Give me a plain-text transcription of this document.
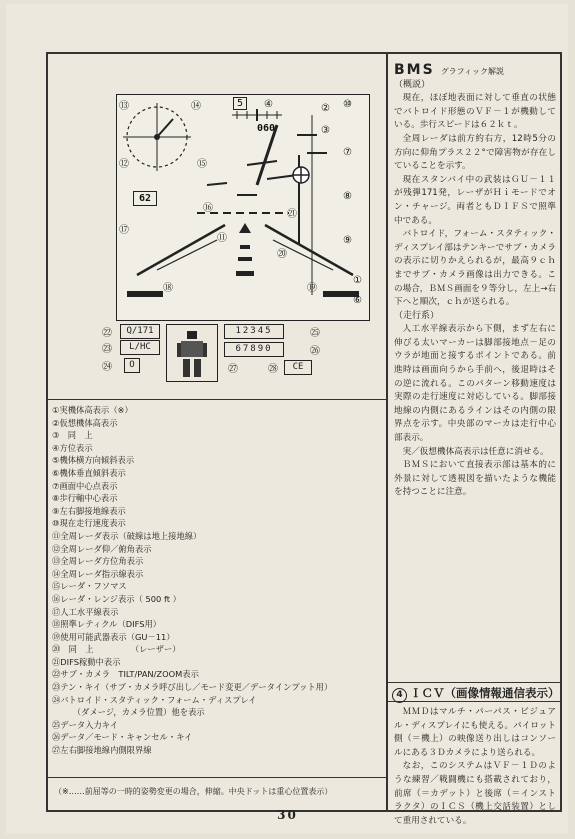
5	④
060
62
⑬
⑫
⑭
⑮
⑯
⑰
⑪
⑩
⑦
⑧
⑨
②
③
⑱	⑲
⑳
㉑
①
⑥
Q/171
L/HC
O
12345
67890
CE
㉒
㉓
㉔
㉕
㉖
㉗	㉘
①実機体高表示（※）
②仮想機体高表示
③　同　上
④方位表示
⑤機体横方向傾斜表示
⑥機体垂直傾斜表示
⑦画面中心点表示
⑧歩行軸中心表示
⑨左右脚接地線表示
⑩現在走行速度表示
⑪全周レーダ表示（破線は地上接地線）
⑫全周レーダ仰／俯角表示
⑬全周レーダ方位角表示
⑭全周レーダ指示線表示
⑮レーダ・フソマス
⑯レーダ・レンジ表示（ 500 ft ）
⑰人工水平線表示
⑱照準レティクル（DIFS用）
⑲使用可能武器表示（GU－11）
⑳　同　上　　　　　（レーザー）
㉑DIFS稼動中表示
㉒サブ・カメラ　TILT/PAN/ZOOM表示
㉓テン・キイ（サブ・カメラ呼び出し／モード変更／データインプット用）
㉔バトロイド・スタティック・フォーム・ディスプレイ
　　　（ダメージ，カメラ位置）他を表示
㉕データ入力キイ
㉖データ／モード・キャンセル・キイ
㉗左右脚接地線内側限界線
（※……前屈等の一時的姿勢変更の場合，伸縮。中央ドットは重心位置表示）
BMS グラフィック解説
（概説）

現在，ほぼ地表面に対して垂直の状態でバトロイド形態のＶＦ－１が機動している。歩行スピードは６２ｋｔ。

全周レーダは前方約右方，12時5分の方向に仰角プラス２２°で障害物が存在していることを示す。

現在スタンバイ中の武装はＧＵ－１１が残弾171発，レーザがＨｉモードでオン・チャージ。両者ともＤＩＦＳで照準中である。

バトロイド，フォーム・スタティック・ディスプレイ部はテンキーでサブ・カメラの表示に切りかえられるが，最高９ｃｈまでサブ・カメラ画像は出力できる。この場合，ＢＭＳ画面を９等分し，左上→右下へと順次，ｃｈが送られる。

（走行系）

人工水平線表示から下側，まず左右に伸びる太いマーカーは脚部接地点－足のウラが地面と接するポイントである。前進時は画面向うから手前へ，後退時はその逆に流れる。このパターン移動速度は実際の走行速度に対応している。脚部接地線の内側にあるラインはその内側の限界点を示す。中央部のマーカは走行中心部表示。

実／仮想機体高表示は任意に消せる。

ＢＭＳにおいて直接表示部は基本的に外景に対して透視図を描いたような機能を持つことに注意。

4 ＩＣＶ（画像情報通信表示）

ＭＭＤはマルチ・パーパス・ビジュアル・ディスプレイにも使える。パイロット側（＝機上）の映像送り出しはコンソールにある３Ｄカメラにより送られる。

なお，このシステムはＶＦ－１Ｄのような練習／戦闘機にも搭載されており，前席（＝カデット）と後席（＝インストラクタ）のＩＣＳ（機上交話装置）として重用されている。

30
